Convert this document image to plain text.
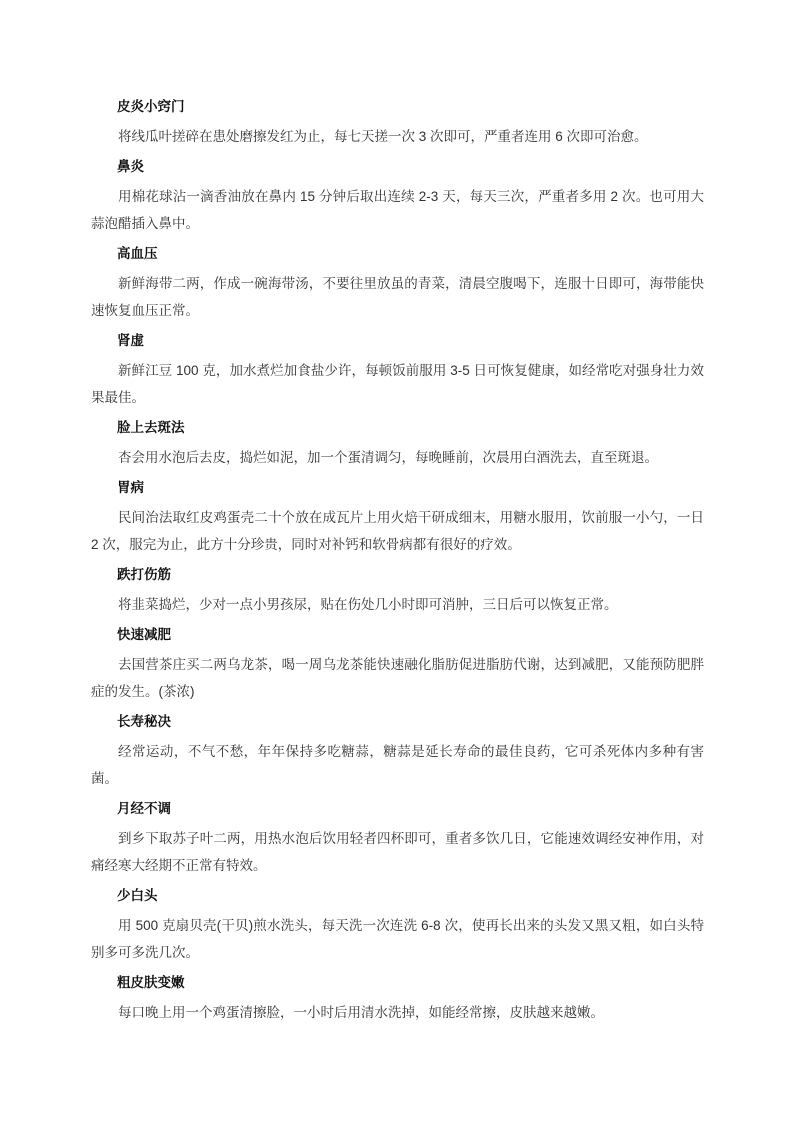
皮炎小窍门

将线瓜叶搓碎在患处磨擦发红为止，每七天搓一次 3 次即可，严重者连用 6 次即可治愈。

鼻炎

用棉花球沾一滴香油放在鼻内 15 分钟后取出连续 2-3 天，每天三次，严重者多用 2 次。也可用大蒜泡醋插入鼻中。

高血压

新鲜海带二两，作成一碗海带汤，不要往里放虽的青菜，清晨空腹喝下，连服十日即可，海带能快速恢复血压正常。

肾虚

新鲜江豆 100 克，加水煮烂加食盐少许，每顿饭前服用 3-5 日可恢复健康，如经常吃对强身壮力效果最佳。

脸上去斑法

杏会用水泡后去皮，捣烂如泥，加一个蛋清调匀，每晚睡前，次晨用白酒洗去，直至斑退。

胃病

民间治法取红皮鸡蛋壳二十个放在成瓦片上用火焙干研成细末，用糖水服用，饮前服一小勺，一日 2 次，服完为止，此方十分珍贵，同时对补钙和软骨病都有很好的疗效。

跌打伤筋

将韭菜捣烂，少对一点小男孩尿，贴在伤处几小时即可消肿，三日后可以恢复正常。

快速减肥

去国营茶庄买二两乌龙茶，喝一周乌龙茶能快速融化脂肪促进脂肪代谢，达到减肥，又能预防肥胖症的发生。(茶浓)

长寿秘决

经常运动，不气不愁，年年保持多吃糖蒜，糖蒜是延长寿命的最佳良药，它可杀死体内多种有害菌。

月经不调

到乡下取苏子叶二两，用热水泡后饮用轻者四杯即可，重者多饮几日，它能速效调经安神作用，对痛经寒大经期不正常有特效。

少白头

用 500 克扇贝壳(干贝)煎水洗头，每天洗一次连洗 6-8 次，使再长出来的头发又黑又粗，如白头特别多可多洗几次。

粗皮肤变嫩

每口晚上用一个鸡蛋清擦脸，一小时后用清水洗掉，如能经常擦，皮肤越来越嫩。
